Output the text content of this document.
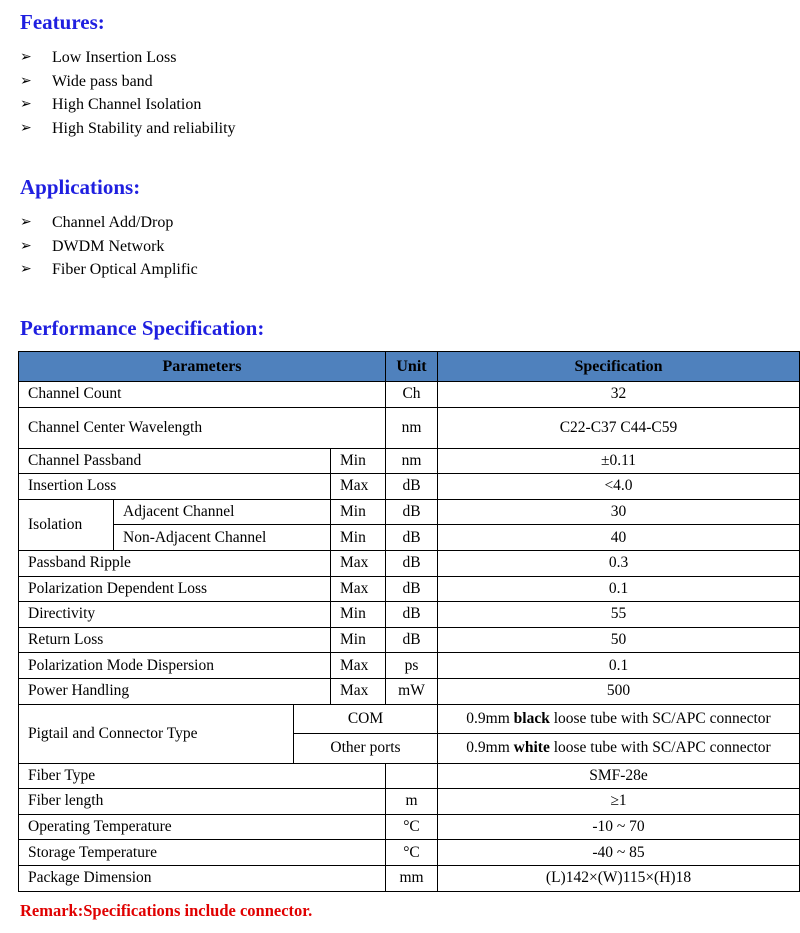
Features:
➢	Low Insertion Loss
➢	Wide pass band
➢	High Channel Isolation
➢	High Stability and reliability
Applications:
➢	Channel Add/Drop
➢	DWDM Network
➢	Fiber Optical Amplific
Performance Specification:
Parameters				Unit	Specification
Channel Count				Ch	32
Channel Center Wavelength				nm	C22-C37 C44-C59
Channel Passband			Min	nm	±0.11
Insertion Loss			Max	dB	<4.0
Isolation	Adjacent Channel		Min	dB	30
	Non-Adjacent Channel		Min	dB	40
Passband Ripple			Max	dB	0.3
Polarization Dependent Loss			Max	dB	0.1
Directivity			Min	dB	55
Return Loss			Min	dB	50
Polarization Mode Dispersion			Max	ps	0.1
Power Handling			Max	mW	500
Pigtail and Connector Type		COM			0.9mm black loose tube with SC/APC connector
		Other ports			0.9mm white loose tube with SC/APC connector
Fiber Type					SMF-28e
Fiber length				m	≥1
Operating Temperature				°C	-10 ~ 70
Storage Temperature				°C	-40 ~ 85
Package Dimension				mm	(L)142×(W)115×(H)18

Remark:Specifications include connector.
